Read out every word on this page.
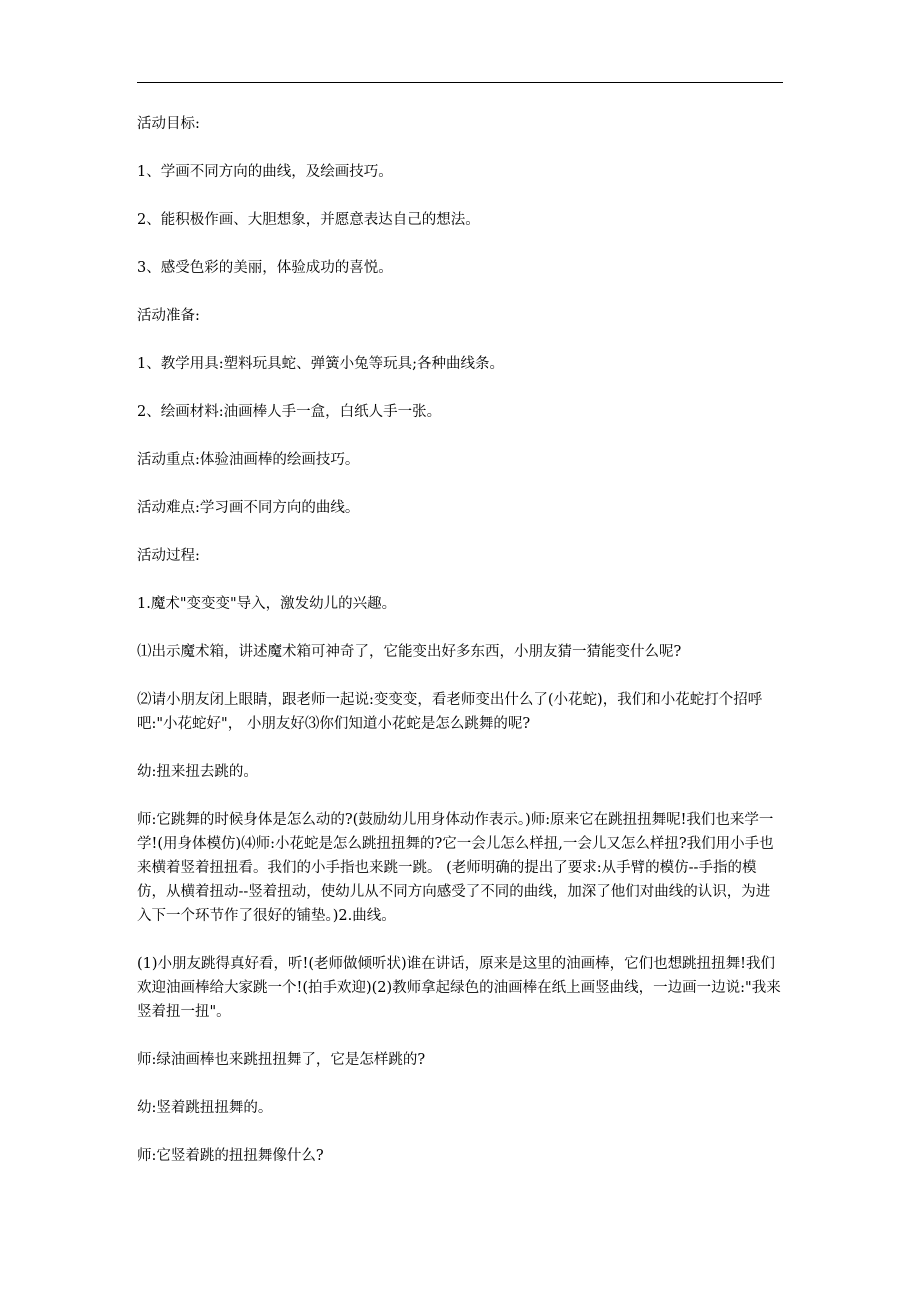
活动目标:

1、学画不同方向的曲线，及绘画技巧。

2、能积极作画、大胆想象，并愿意表达自己的想法。

3、感受色彩的美丽，体验成功的喜悦。

活动准备:

1、教学用具:塑料玩具蛇、弹簧小兔等玩具;各种曲线条。

2、绘画材料:油画棒人手一盒，白纸人手一张。

活动重点:体验油画棒的绘画技巧。

活动难点:学习画不同方向的曲线。

活动过程:

1.魔术"变变变"导入，激发幼儿的兴趣。

⑴出示魔术箱，讲述魔术箱可神奇了，它能变出好多东西，小朋友猜一猜能变什么呢?

⑵请小朋友闭上眼睛，跟老师一起说:变变变，看老师变出什么了(小花蛇)，我们和小花蛇打个招呼吧:"小花蛇好"， 小朋友好⑶你们知道小花蛇是怎么跳舞的呢?

幼:扭来扭去跳的。

师:它跳舞的时候身体是怎么动的?(鼓励幼儿用身体动作表示。)师:原来它在跳扭扭舞呢!我们也来学一学!(用身体模仿)⑷师:小花蛇是怎么跳扭扭舞的?它一会儿怎么样扭,一会儿又怎么样扭?我们用小手也来横着竖着扭扭看。我们的小手指也来跳一跳。 (老师明确的提出了要求:从手臂的模仿--手指的模仿，从横着扭动--竖着扭动，使幼儿从不同方向感受了不同的曲线，加深了他们对曲线的认识，为进入下一个环节作了很好的铺垫。)2.曲线。

(1)小朋友跳得真好看，听!(老师做倾听状)谁在讲话，原来是这里的油画棒，它们也想跳扭扭舞!我们欢迎油画棒给大家跳一个!(拍手欢迎)(2)教师拿起绿色的油画棒在纸上画竖曲线，一边画一边说:"我来竖着扭一扭"。

师:绿油画棒也来跳扭扭舞了，它是怎样跳的?

幼:竖着跳扭扭舞的。

师:它竖着跳的扭扭舞像什么?
